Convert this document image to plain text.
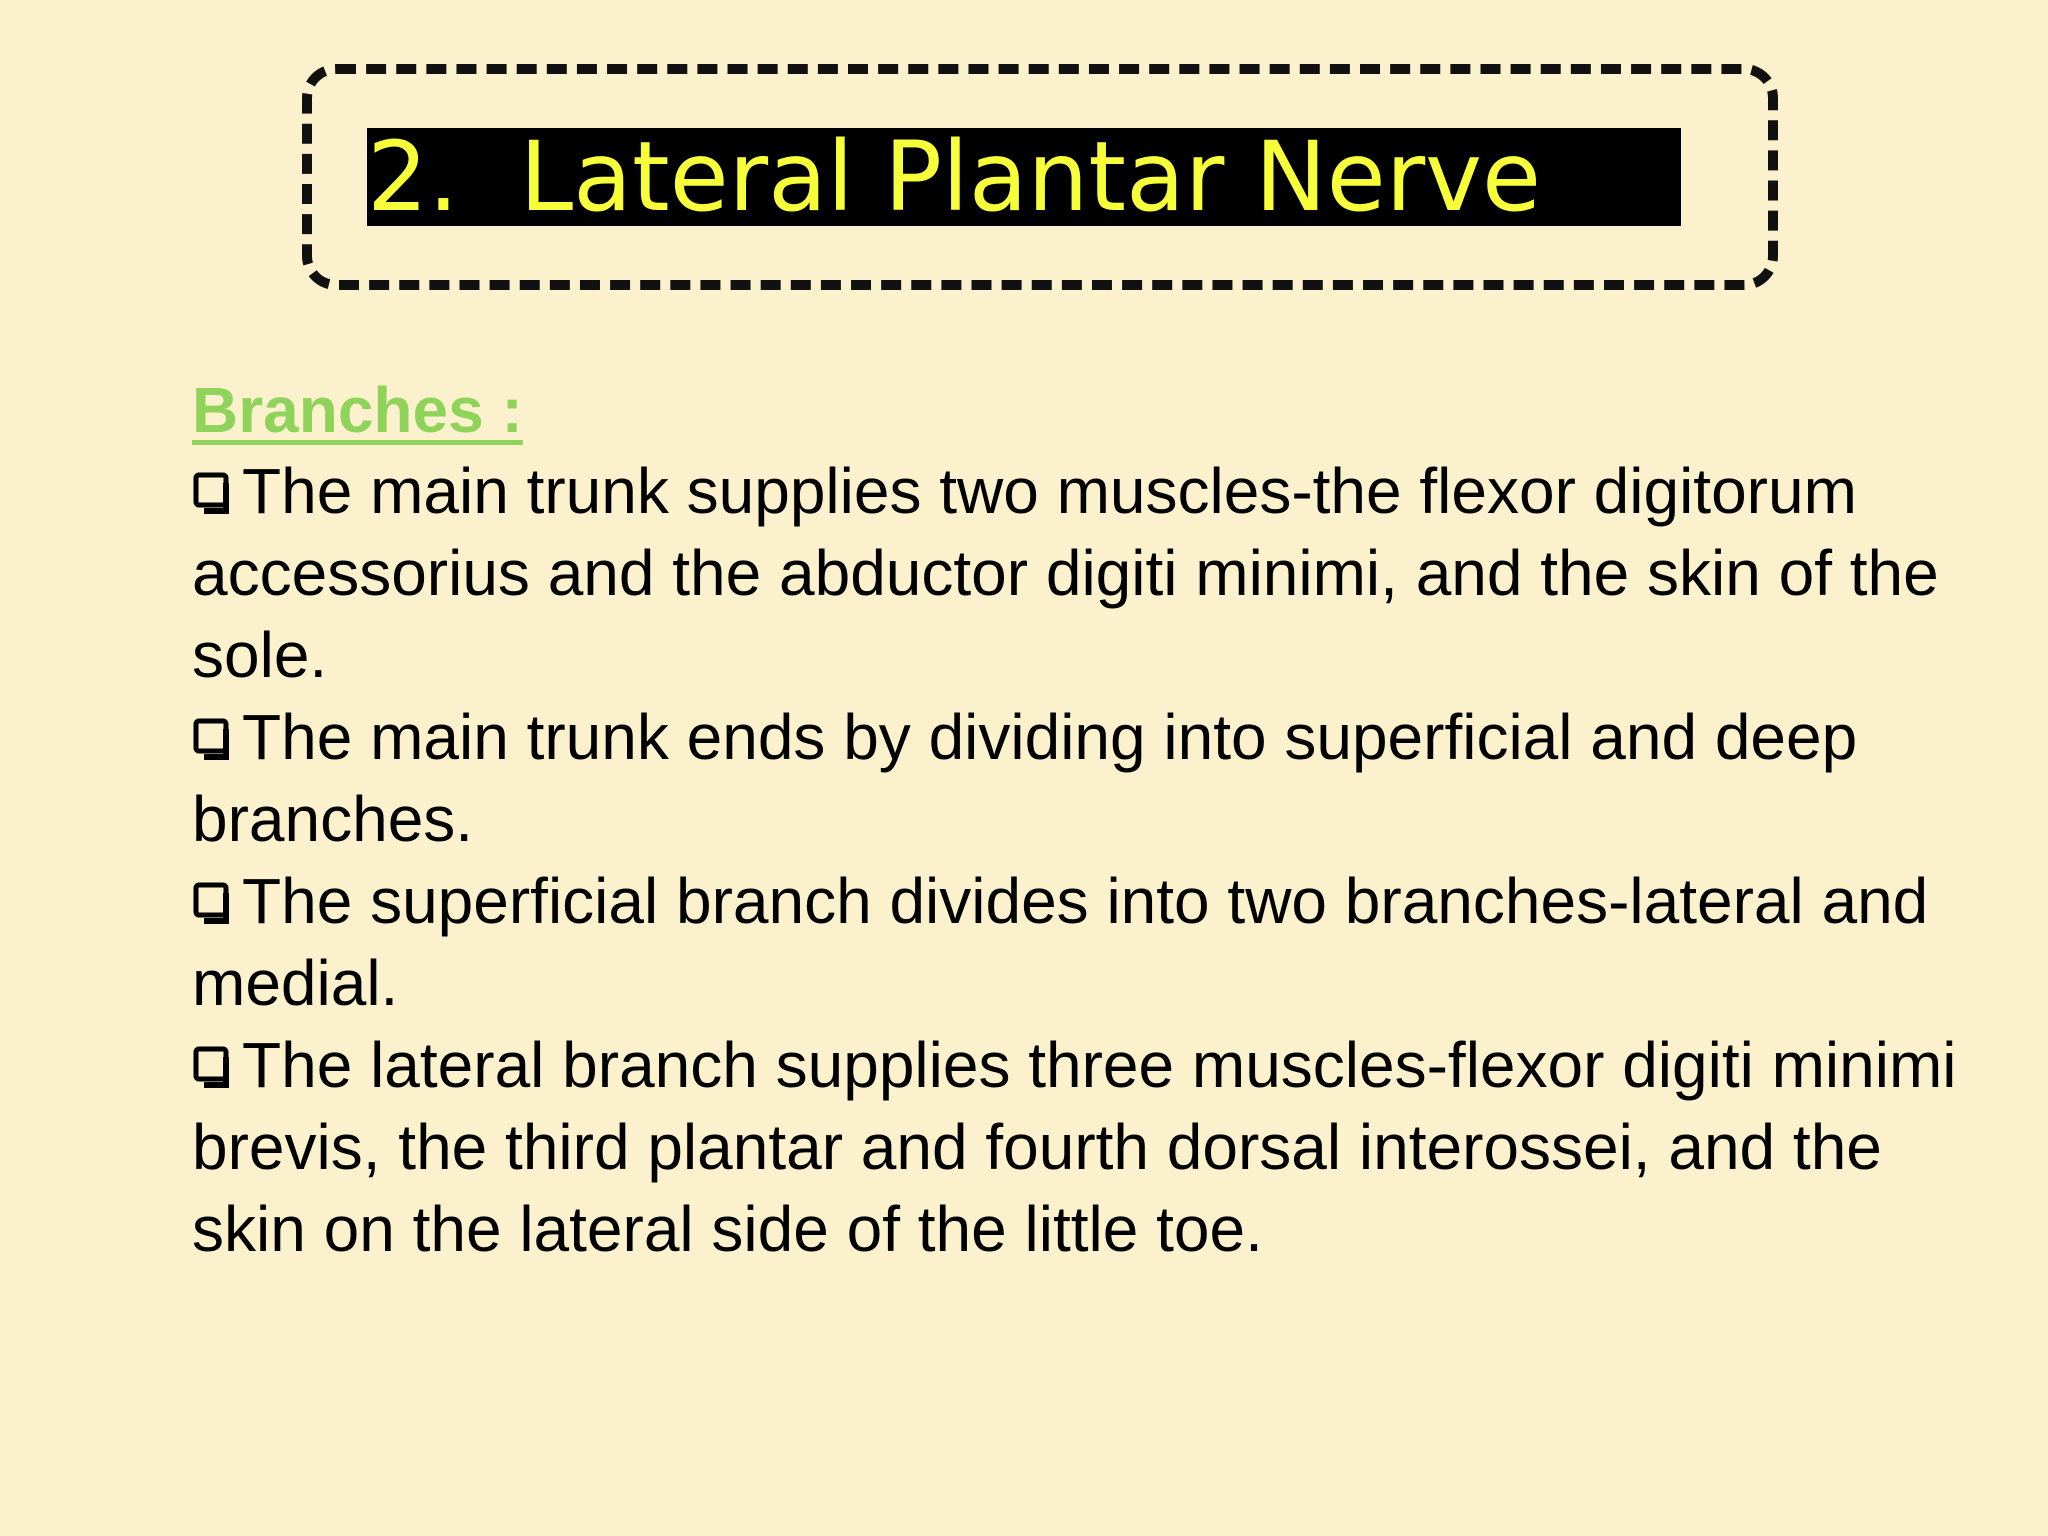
2.  Lateral Plantar Nerve
Branches :

The main trunk supplies two muscles-the flexor digitorum accessorius and the abductor digiti minimi, and the skin of the sole.

The main trunk ends by dividing into superficial and deep branches.

The superficial branch divides into two branches-lateral and medial.

The lateral branch supplies three muscles-flexor digiti minimi brevis, the third plantar and fourth dorsal interossei, and the skin on the lateral side of the little toe.
